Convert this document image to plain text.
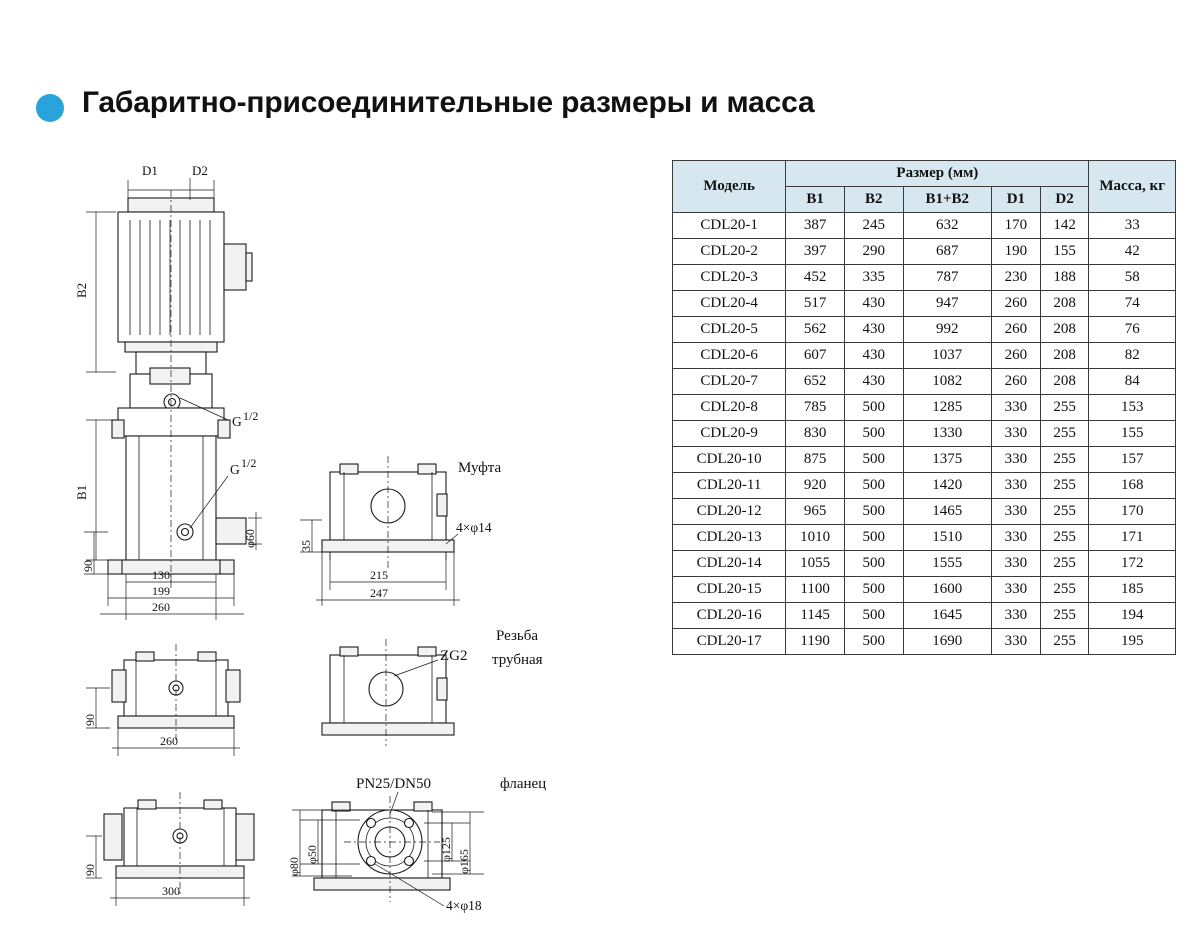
Габаритно-присоединительные размеры и масса
Модель	Размер (мм)					Масса, кг
	B1	B2	B1+B2	D1	D2	
CDL20-1	387	245	632	170	142	33
CDL20-2	397	290	687	190	155	42
CDL20-3	452	335	787	230	188	58
CDL20-4	517	430	947	260	208	74
CDL20-5	562	430	992	260	208	76
CDL20-6	607	430	1037	260	208	82
CDL20-7	652	430	1082	260	208	84
CDL20-8	785	500	1285	330	255	153
CDL20-9	830	500	1330	330	255	155
CDL20-10	875	500	1375	330	255	157
CDL20-11	920	500	1420	330	255	168
CDL20-12	965	500	1465	330	255	170
CDL20-13	1010	500	1510	330	255	171
CDL20-14	1055	500	1555	330	255	172
CDL20-15	1100	500	1600	330	255	185
CDL20-16	1145	500	1645	330	255	194
CDL20-17	1190	500	1690	330	255	195
D1	D2
B2
B1
G 1/2
G 1/2
φ60
90
130
199
260
Муфта
4×φ14
35
215
247
90
260
ZG2
Резьба
трубная
90
300
PN25/DN50	фланец
φ50
φ80
φ125 φ165
4×φ18
